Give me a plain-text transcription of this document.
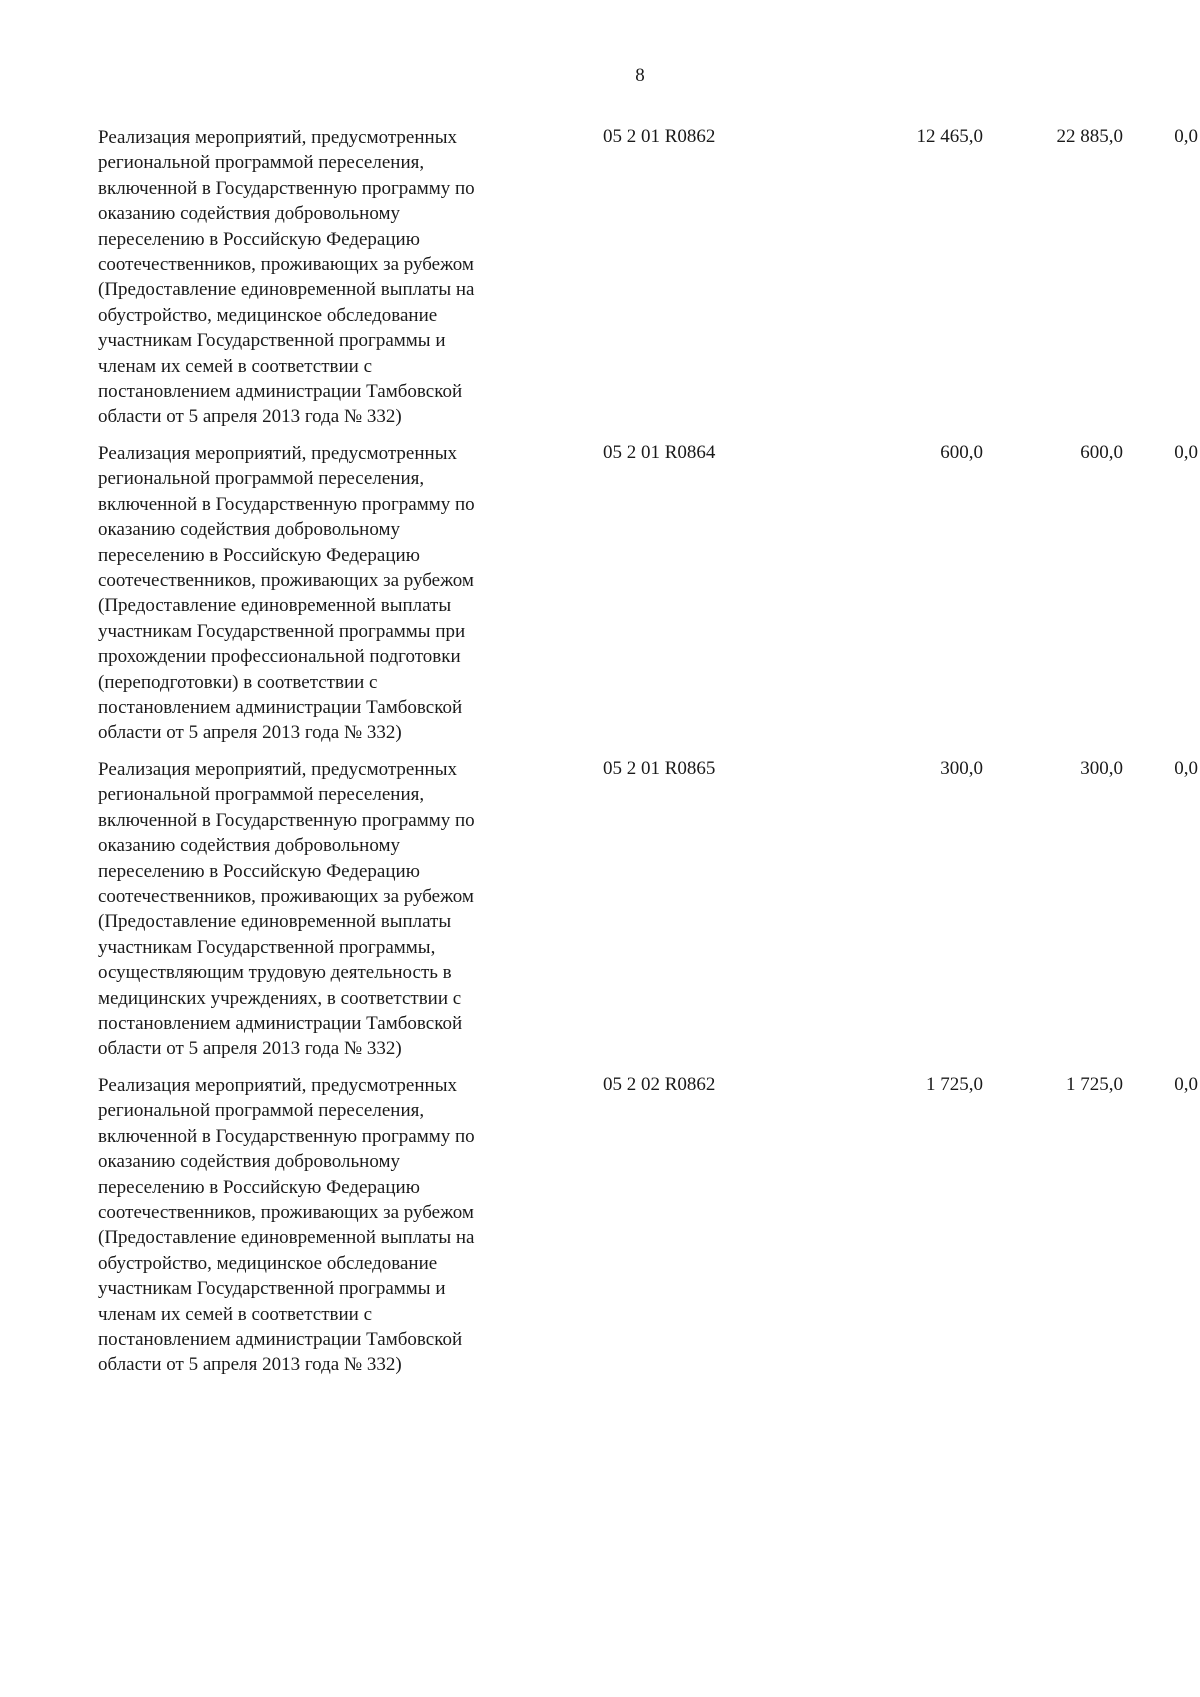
8
Реализация мероприятий, предусмотренных
региональной программой переселения,
включенной в Государственную программу по
оказанию содействия добровольному
переселению в Российскую Федерацию
соотечественников, проживающих за рубежом
(Предоставление единовременной выплаты на
обустройство, медицинское обследование
участникам Государственной программы и
членам их семей в соответствии с
постановлением администрации Тамбовской
области от 5 апреля 2013 года № 332)
05 2 01 R0862	12 465,0	22 885,0	0,0
Реализация мероприятий, предусмотренных
региональной программой переселения,
включенной в Государственную программу по
оказанию содействия добровольному
переселению в Российскую Федерацию
соотечественников, проживающих за рубежом
(Предоставление единовременной выплаты
участникам Государственной программы при
прохождении профессиональной подготовки
(переподготовки) в соответствии с
постановлением администрации Тамбовской
области от 5 апреля 2013 года № 332)
05 2 01 R0864	600,0	600,0	0,0
Реализация мероприятий, предусмотренных
региональной программой переселения,
включенной в Государственную программу по
оказанию содействия добровольному
переселению в Российскую Федерацию
соотечественников, проживающих за рубежом
(Предоставление единовременной выплаты
участникам Государственной программы,
осуществляющим трудовую деятельность в
медицинских учреждениях, в соответствии с
постановлением администрации Тамбовской
области от 5 апреля 2013 года № 332)
05 2 01 R0865	300,0	300,0	0,0
Реализация мероприятий, предусмотренных
региональной программой переселения,
включенной в Государственную программу по
оказанию содействия добровольному
переселению в Российскую Федерацию
соотечественников, проживающих за рубежом
(Предоставление единовременной выплаты на
обустройство, медицинское обследование
участникам Государственной программы и
членам их семей в соответствии с
постановлением администрации Тамбовской
области от 5 апреля 2013 года № 332)
05 2 02 R0862	1 725,0	1 725,0	0,0
